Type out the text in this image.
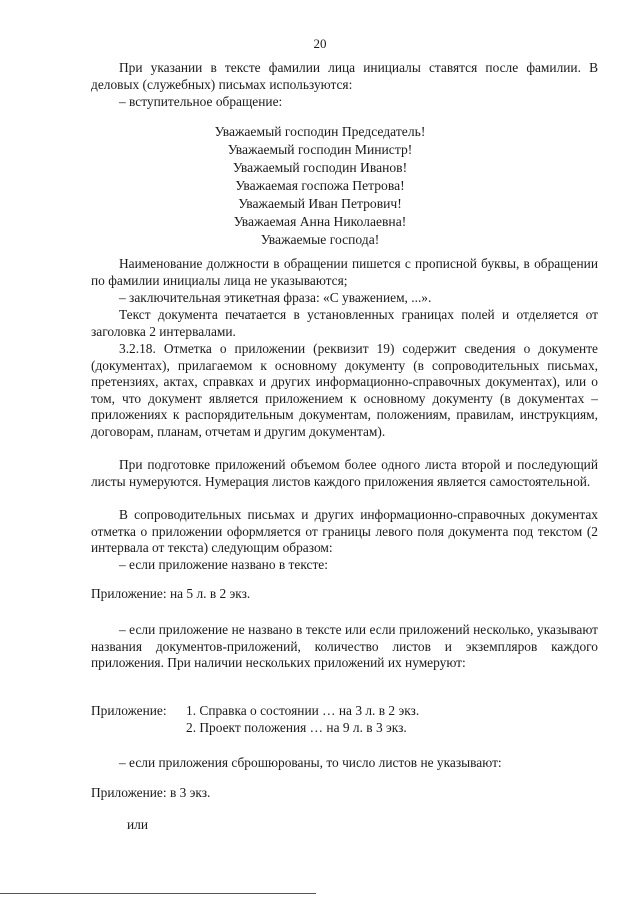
20

При указании в тексте фамилии лица инициалы ставятся после фамилии. В деловых (служебных) письмах используются:

– вступительное обращение:

Уважаемый господин Председатель!
Уважаемый господин Министр!
Уважаемый господин Иванов!
Уважаемая госпожа Петрова!
Уважаемый Иван Петрович!
Уважаемая Анна Николаевна!
Уважаемые господа!

Наименование должности в обращении пишется с прописной буквы, в обращении по фамилии инициалы лица не указываются;

– заключительная этикетная фраза: «С уважением, ...».

Текст документа печатается в установленных границах полей и отделяется от заголовка 2 интервалами.

3.2.18. Отметка о приложении (реквизит 19) содержит сведения о документе (документах), прилагаемом к основному документу (в сопроводительных письмах, претензиях, актах, справках и других информационно-справочных документах), или о том, что документ является приложением к основному документу (в документах – приложениях к распорядительным документам, положениям, правилам, инструкциям, договорам, планам, отчетам и другим документам).

При подготовке приложений объемом более одного листа второй и последующий листы нумеруются. Нумерация листов каждого приложения является самостоятельной.

В сопроводительных письмах и других информационно-справочных документах отметка о приложении оформляется от границы левого поля документа под текстом (2 интервала от текста) следующим образом:

– если приложение названо в тексте:

Приложение: на 5 л. в 2 экз.

– если приложение не названо в тексте или если приложений несколько, указывают названия документов-приложений, количество листов и экземпляров каждого приложения. При наличии нескольких приложений их нумеруют:

Приложение: 1. Справка о состоянии … на 3 л. в 2 экз.
2. Проект положения … на 9 л. в 3 экз.
– если приложения сброшюрованы, то число листов не указывают:
Приложение: в 3 экз.
или
